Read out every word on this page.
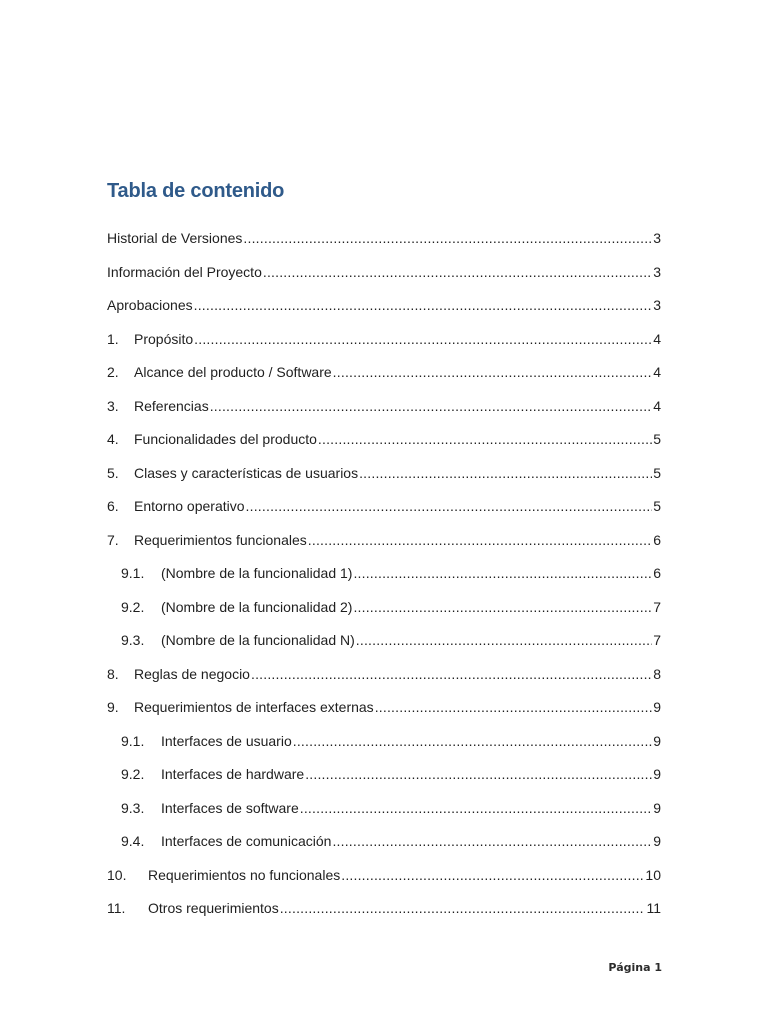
Tabla de contenido
Historial de Versiones .....	3
Información del Proyecto .....	3
Aprobaciones .....	3
1.	Propósito .....	4
2.	Alcance del producto / Software .....	4
3.	Referencias .....	4
4.	Funcionalidades del producto .....	5
5.	Clases y características de usuarios .....	5
6.	Entorno operativo .....	5
7.	Requerimientos funcionales .....	6
9.1.	(Nombre de la funcionalidad 1) .....	6
9.2.	(Nombre de la funcionalidad 2) .....	7
9.3.	(Nombre de la funcionalidad N) .....	7
8.	Reglas de negocio .....	8
9.	Requerimientos de interfaces externas .....	9
9.1.	Interfaces de usuario .....	9
9.2.	Interfaces de hardware .....	9
9.3.	Interfaces de software .....	9
9.4.	Interfaces de comunicación .....	9
10.	Requerimientos no funcionales .....	10
11.	Otros requerimientos .....	11
Página 1
